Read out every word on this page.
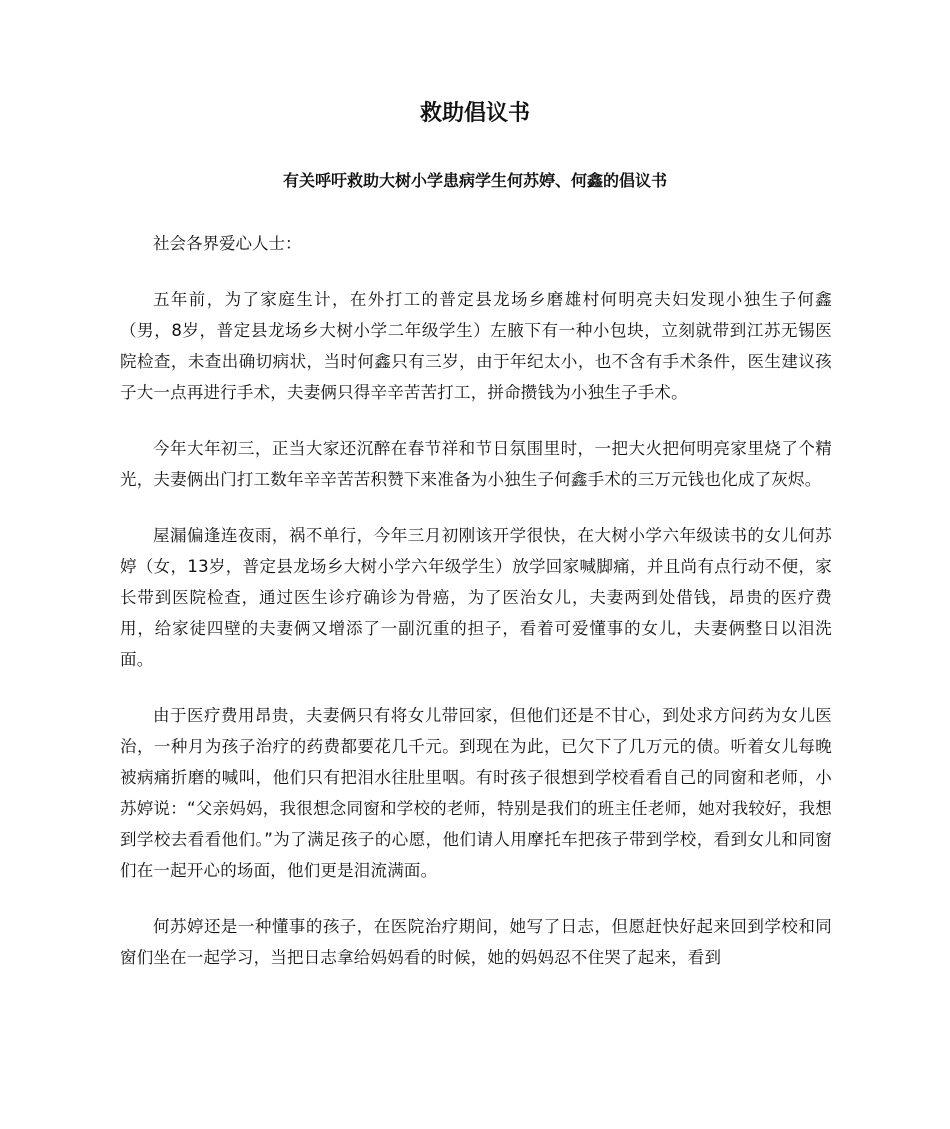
救助倡议书
有关呼吁救助大树小学患病学生何苏婷、何鑫的倡议书

社会各界爱心人士：

五年前，为了家庭生计，在外打工的普定县龙场乡磨雄村何明亮夫妇发现小独生子何鑫（男，8岁，普定县龙场乡大树小学二年级学生）左腋下有一种小包块，立刻就带到江苏无锡医院检查，未查出确切病状，当时何鑫只有三岁，由于年纪太小，也不含有手术条件，医生建议孩子大一点再进行手术，夫妻俩只得辛辛苦苦打工，拼命攒钱为小独生子手术。

今年大年初三，正当大家还沉醉在春节祥和节日氛围里时，一把大火把何明亮家里烧了个精光，夫妻俩出门打工数年辛辛苦苦积赞下来准备为小独生子何鑫手术的三万元钱也化成了灰烬。

屋漏偏逢连夜雨，祸不单行，今年三月初刚该开学很快，在大树小学六年级读书的女儿何苏婷（女，13岁，普定县龙场乡大树小学六年级学生）放学回家喊脚痛，并且尚有点行动不便，家长带到医院检查，通过医生诊疗确诊为骨癌，为了医治女儿，夫妻两到处借钱，昂贵的医疗费用，给家徒四壁的夫妻俩又增添了一副沉重的担子，看着可爱懂事的女儿，夫妻俩整日以泪洗面。

由于医疗费用昂贵，夫妻俩只有将女儿带回家，但他们还是不甘心，到处求方问药为女儿医治，一种月为孩子治疗的药费都要花几千元。到现在为此，已欠下了几万元的债。听着女儿每晚被病痛折磨的喊叫，他们只有把泪水往肚里咽。有时孩子很想到学校看看自己的同窗和老师，小苏婷说：“父亲妈妈，我很想念同窗和学校的老师，特别是我们的班主任老师，她对我较好，我想到学校去看看他们。”为了满足孩子的心愿，他们请人用摩托车把孩子带到学校，看到女儿和同窗们在一起开心的场面，他们更是泪流满面。

何苏婷还是一种懂事的孩子，在医院治疗期间，她写了日志，但愿赶快好起来回到学校和同窗们坐在一起学习，当把日志拿给妈妈看的时候，她的妈妈忍不住哭了起来，看到
